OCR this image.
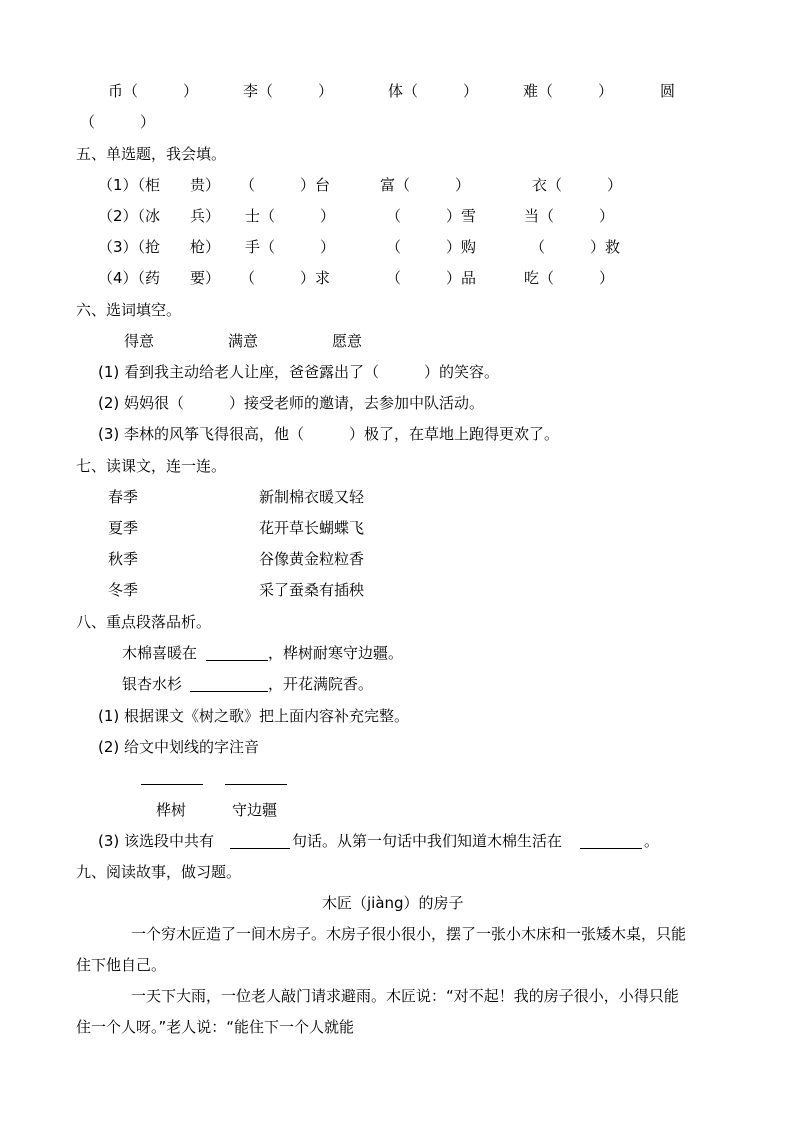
币（　　　）	李（　　　）	体（　　　）	难（　　　）	圆
（　　　）
五、单选题，我会填。
（1）（柜　　贵） （　　　）台	富（　　　）	衣（　　　）
（2）（冰　　兵） 士（　　　）	（　　　）雪	当（　　　）
（3）（抢　　枪） 手（　　　）	（　　　）购	（　　　）救
（4）（药　　要） （　　　）求	（　　　）品	吃（　　　）
六、选词填空。
得意	满意	愿意
(1) 看到我主动给老人让座，爸爸露出了（　　　）的笑容。
(2) 妈妈很（　　　）接受老师的邀请，去参加中队活动。
(3) 李林的风筝飞得很高，他（　　　）极了，在草地上跑得更欢了。
七、读课文，连一连。
春季	新制棉衣暖又轻
夏季	花开草长蝴蝶飞
秋季	谷像黄金粒粒香
冬季	采了蚕桑有插秧
八、重点段落品析。
木棉喜暖在	，桦树耐寒守边疆。
银杏水杉	，开花满院香。
(1) 根据课文《树之歌》把上面内容补充完整。
(2) 给文中划线的字注音
桦树	守边疆
(3) 该选段中共有	句话。从第一句话中我们知道木棉生活在	。
九、阅读故事，做习题。
木匠（jiàng）的房子
一个穷木匠造了一间木房子。木房子很小很小，摆了一张小木床和一张矮木桌，只能
住下他自己。
一天下大雨，一位老人敲门请求避雨。木匠说：“对不起！我的房子很小，小得只能
住一个人呀。”老人说：“能住下一个人就能
